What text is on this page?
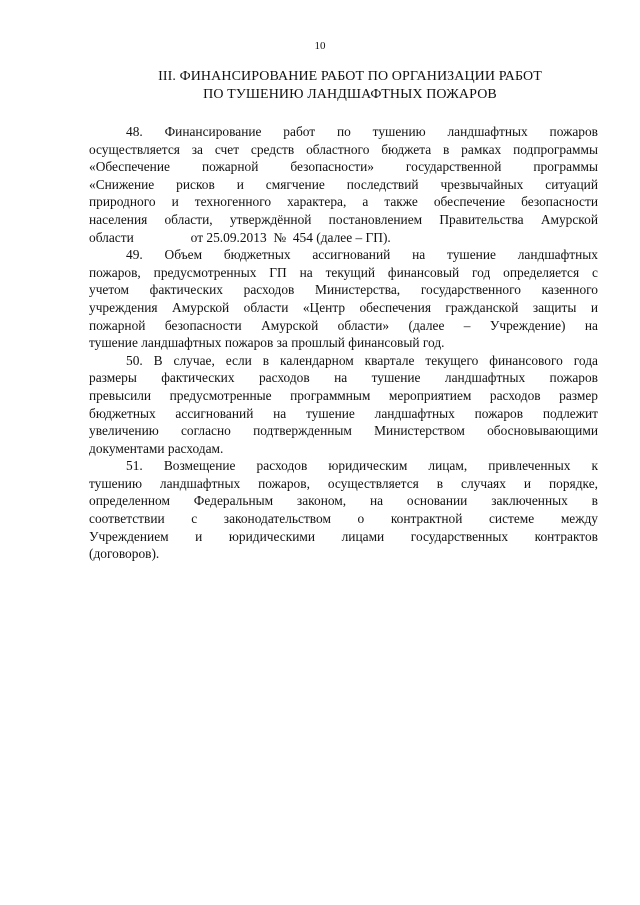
10
III. ФИНАНСИРОВАНИЕ РАБОТ ПО ОРГАНИЗАЦИИ РАБОТ
ПО ТУШЕНИЮ ЛАНДШАФТНЫХ ПОЖАРОВ

48. Финансирование работ по тушению ландшафтных пожаров
осуществляется за счет средств областного бюджета в рамках подпрограммы
«Обеспечение пожарной безопасности» государственной программы
«Снижение рисков и смягчение последствий чрезвычайных ситуаций
природного и техногенного характера, а также обеспечение безопасности
населения области, утверждённой постановлением Правительства Амурской
области                 от 25.09.2013  №  454 (далее – ГП).

49. Объем бюджетных ассигнований на тушение ландшафтных
пожаров, предусмотренных ГП на текущий финансовый год определяется с
учетом фактических расходов Министерства, государственного казенного
учреждения Амурской области «Центр обеспечения гражданской защиты и
пожарной безопасности Амурской области» (далее – Учреждение) на
тушение ландшафтных пожаров за прошлый финансовый год.

50. В случае, если в календарном квартале текущего финансового года
размеры фактических расходов на тушение ландшафтных пожаров
превысили предусмотренные программным мероприятием расходов размер
бюджетных ассигнований на тушение ландшафтных пожаров подлежит
увеличению согласно подтвержденным Министерством обосновывающими
документами расходам.

51. Возмещение расходов юридическим лицам, привлеченных к
тушению ландшафтных пожаров, осуществляется в случаях и порядке,
определенном Федеральным законом, на основании заключенных в
соответствии с законодательством о контрактной системе между
Учреждением и юридическими лицами государственных контрактов
(договоров).
